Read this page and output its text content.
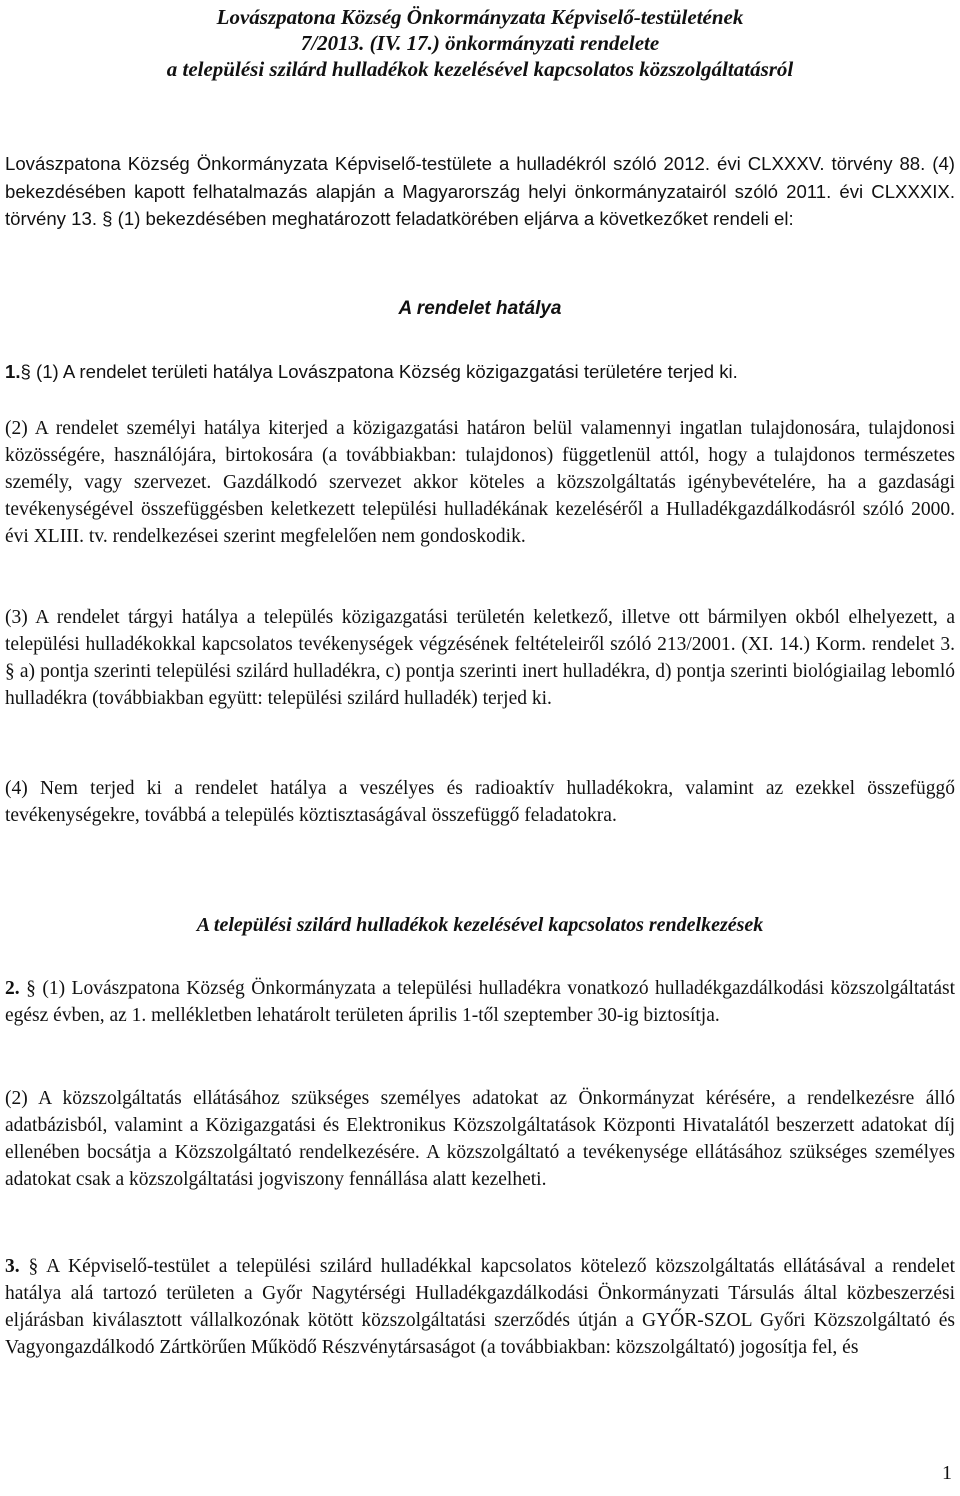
Lovászpatona Község Önkormányzata Képviselő-testületének
7/2013. (IV. 17.) önkormányzati rendelete
a települési szilárd hulladékok kezelésével kapcsolatos közszolgáltatásról
Lovászpatona Község Önkormányzata Képviselő-testülete a hulladékról szóló 2012. évi CLXXXV. törvény 88. (4) bekezdésében kapott felhatalmazás alapján a Magyarország helyi önkormányzatairól szóló 2011. évi CLXXXIX. törvény 13. § (1) bekezdésében meghatározott feladatkörében eljárva a következőket rendeli el:
A rendelet hatálya
1.§ (1) A rendelet területi hatálya Lovászpatona Község közigazgatási területére terjed ki.
(2) A rendelet személyi hatálya kiterjed a közigazgatási határon belül valamennyi ingatlan tulajdonosára, tulajdonosi közösségére, használójára, birtokosára (a továbbiakban: tulajdonos) függetlenül attól, hogy a tulajdonos természetes személy, vagy szervezet. Gazdálkodó szervezet akkor köteles a közszolgáltatás igénybevételére, ha a gazdasági tevékenységével összefüggésben keletkezett települési hulladékának kezeléséről a Hulladékgazdálkodásról szóló 2000. évi XLIII. tv. rendelkezései szerint megfelelően nem gondoskodik.
(3) A rendelet tárgyi hatálya a település közigazgatási területén keletkező, illetve ott bármilyen okból elhelyezett, a települési hulladékokkal kapcsolatos tevékenységek végzésének feltételeiről szóló 213/2001. (XI. 14.) Korm. rendelet 3. § a) pontja szerinti települési szilárd hulladékra, c) pontja szerinti inert hulladékra, d) pontja szerinti biológiailag lebomló hulladékra (továbbiakban együtt: települési szilárd hulladék) terjed ki.
(4) Nem terjed ki a rendelet hatálya a veszélyes és radioaktív hulladékokra, valamint az ezekkel összefüggő tevékenységekre, továbbá a település köztisztaságával összefüggő feladatokra.
A települési szilárd hulladékok kezelésével kapcsolatos rendelkezések
2. § (1) Lovászpatona Község Önkormányzata a települési hulladékra vonatkozó hulladékgazdálkodási közszolgáltatást egész évben, az 1. mellékletben lehatárolt területen április 1-től szeptember 30-ig biztosítja.
(2) A közszolgáltatás ellátásához szükséges személyes adatokat az Önkormányzat kérésére, a rendelkezésre álló adatbázisból, valamint a Közigazgatási és Elektronikus Közszolgáltatások Központi Hivatalától beszerzett adatokat díj ellenében bocsátja a Közszolgáltató rendelkezésére. A közszolgáltató a tevékenysége ellátásához szükséges személyes adatokat csak a közszolgáltatási jogviszony fennállása alatt kezelheti.
3. § A Képviselő-testület a települési szilárd hulladékkal kapcsolatos kötelező közszolgáltatás ellátásával a rendelet hatálya alá tartozó területen a Győr Nagytérségi Hulladékgazdálkodási Önkormányzati Társulás által közbeszerzési eljárásban kiválasztott vállalkozónak kötött közszolgáltatási szerződés útján a GYŐR-SZOL Győri Közszolgáltató és Vagyongazdálkodó Zártkörűen Működő Részvénytársaságot (a továbbiakban: közszolgáltató) jogosítja fel, és
1
